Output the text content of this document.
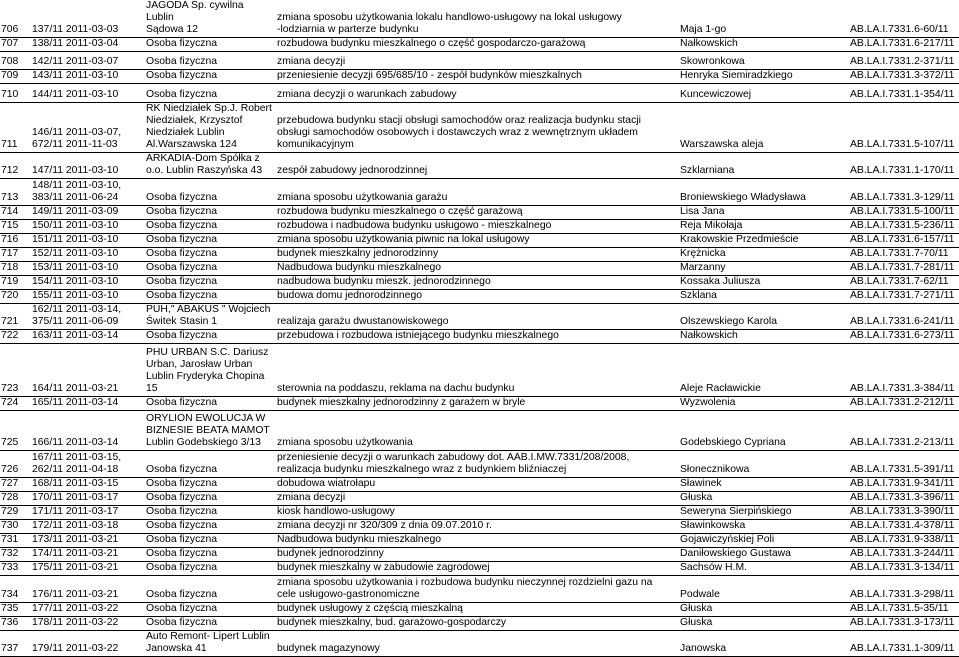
706	137/11 2011-03-03	JAGODA Sp. cywilna Lublin
Sądowa 12	zmiana sposobu użytkowania lokalu handlowo-usługowy na lokal usługowy
-lodziarnia w parterze budynku	Maja 1-go	AB.LA.I.7331.6-60/11
707	138/11 2011-03-04	Osoba fizyczna	rozbudowa budynku mieszkalnego o część gospodarczo-garażową	Nałkowskich	AB.LA.I.7331.6-217/11
708	142/11 2011-03-07	Osoba fizyczna	zmiana decyzji	Skowronkowa	AB.LA.I.7331.2-371/11
709	143/11 2011-03-10	Osoba fizyczna	przeniesienie decyzji 695/685/10 - zespół budynków mieszkalnych	Henryka Siemiradzkiego	AB.LA.I.7331.3-372/11
710	144/11 2011-03-10	Osoba fizyczna	zmiana decyzji o warunkach zabudowy	Kuncewiczowej	AB.LA.I.7331.1-354/11
711	146/11 2011-03-07,
672/11 2011-11-03	RK Niedziałek Sp.J. Robert
Niedziałek, Krzysztof
Niedziałek Lublin
Al.Warszawska 124	przebudowa budynku stacji obsługi samochodów oraz realizacja budynku stacji
obsługi samochodów osobowych i dostawczych wraz z wewnętrznym układem
komunikacyjnym	Warszawska aleja	AB.LA.I.7331.5-107/11
712	147/11 2011-03-10	ARKADIA-Dom Spółka z
o.o. Lublin Raszyńska 43	zespół zabudowy jednorodzinnej	Szklarniana	AB.LA.I.7331.1-170/11
713	148/11 2011-03-10,
383/11 2011-06-24	Osoba fizyczna	zmiana sposobu użytkowania garażu	Broniewskiego Władysława	AB.LA.I.7331.3-129/11
714	149/11 2011-03-09	Osoba fizyczna	rozbudowa budynku mieszkalnego o część garażową	Lisa Jana	AB.LA.I.7331.5-100/11
715	150/11 2011-03-10	Osoba fizyczna	rozbudowa i nadbudowa budynku usługowo - mieszkalnego	Reja Mikołaja	AB.LA.I.7331.5-236/11
716	151/11 2011-03-10	Osoba fizyczna	zmiana sposobu użytkowania piwnic na lokal usługowy	Krakowskie Przedmieście	AB.LA.I.7331.6-157/11
717	152/11 2011-03-10	Osoba fizyczna	budynek mieszkalny jednorodzinny	Krężnicka	AB.LA.I.7331.7-70/11
718	153/11 2011-03-10	Osoba fizyczna	Nadbudowa budynku mieszkalnego	Marzanny	AB.LA.I.7331.7-281/11
719	154/11 2011-03-10	Osoba fizyczna	nadbudowa budynku mieszk. jednorodzinnego	Kossaka Juliusza	AB.LA.I.7331.7-62/11
720	155/11 2011-03-10	Osoba fizyczna	budowa domu jednorodzinnego	Szklana	AB.LA.I.7331.7-271/11
721	162/11 2011-03-14,
375/11 2011-06-09	PUH," ABAKUS " Wojciech
Świtek Stasin 1	realizaja garażu dwustanowiskowego	Olszewskiego Karola	AB.LA.I.7331.6-241/11
722	163/11 2011-03-14	Osoba fizyczna	przebudowa i rozbudowa istniejącego budynku mieszkalnego	Nałkowskich	AB.LA.I.7331.6-273/11
723	164/11 2011-03-21	PHU URBAN S.C. Dariusz
Urban, Jarosław Urban
Lublin Fryderyka Chopina
15	sterownia na poddaszu, reklama na dachu budynku	Aleje Racławickie	AB.LA.I.7331.3-384/11
724	165/11 2011-03-14	Osoba fizyczna	budynek mieszkalny jednorodzinny z garażem w bryle	Wyzwolenia	AB.LA.I.7331.2-212/11
725	166/11 2011-03-14	ORYLION EWOLUCJA W
BIZNESIE BEATA MAMOT
Lublin Godebskiego 3/13	zmiana sposobu użytkowania	Godebskiego Cypriana	AB.LA.I.7331.2-213/11
726	167/11 2011-03-15,
262/11 2011-04-18	Osoba fizyczna	przeniesienie decyzji o warunkach zabudowy dot. AAB.I.MW.7331/208/2008,
realizacja budynku mieszkalnego wraz z budynkiem bliźniaczej	Słonecznikowa	AB.LA.I.7331.5-391/11
727	168/11 2011-03-15	Osoba fizyczna	dobudowa wiatrołapu	Sławinek	AB.LA.I.7331.9-341/11
728	170/11 2011-03-17	Osoba fizyczna	zmiana decyzji	Głuska	AB.LA.I.7331.3-396/11
729	171/11 2011-03-17	Osoba fizyczna	kiosk handlowo-usługowy	Seweryna Sierpińskiego	AB.LA.I.7331.3-390/11
730	172/11 2011-03-18	Osoba fizyczna	zmiana decyzji nr 320/309 z dnia 09.07.2010 r.	Sławinkowska	AB.LA.I.7331.4-378/11
731	173/11 2011-03-21	Osoba fizyczna	Nadbudowa budynku mieszkalnego	Gojawiczyńskiej Poli	AB.LA.I.7331.9-338/11
732	174/11 2011-03-21	Osoba fizyczna	budynek jednorodzinny	Daniłowskiego Gustawa	AB.LA.I.7331.3-244/11
733	175/11 2011-03-21	Osoba fizyczna	budynek mieszkalny w zabudowie zagrodowej	Sachsów H.M.	AB.LA.I.7331.3-134/11
734	176/11 2011-03-21	Osoba fizyczna	zmiana sposobu użytkowania i rozbudowa budynku nieczynnej rozdzielni gazu na
cele usługowo-gastronomiczne	Podwale	AB.LA.I.7331.3-298/11
735	177/11 2011-03-22	Osoba fizyczna	budynek usługowy z częścią mieszkalną	Głuska	AB.LA.I.7331.5-35/11
736	178/11 2011-03-22	Osoba fizyczna	budynek mieszkalny, bud. garażowo-gospodarczy	Głuska	AB.LA.I.7331.3-173/11
737	179/11 2011-03-22	Auto Remont- Lipert Lublin
Janowska 41	budynek magazynowy	Janowska	AB.LA.I.7331.1-309/11
